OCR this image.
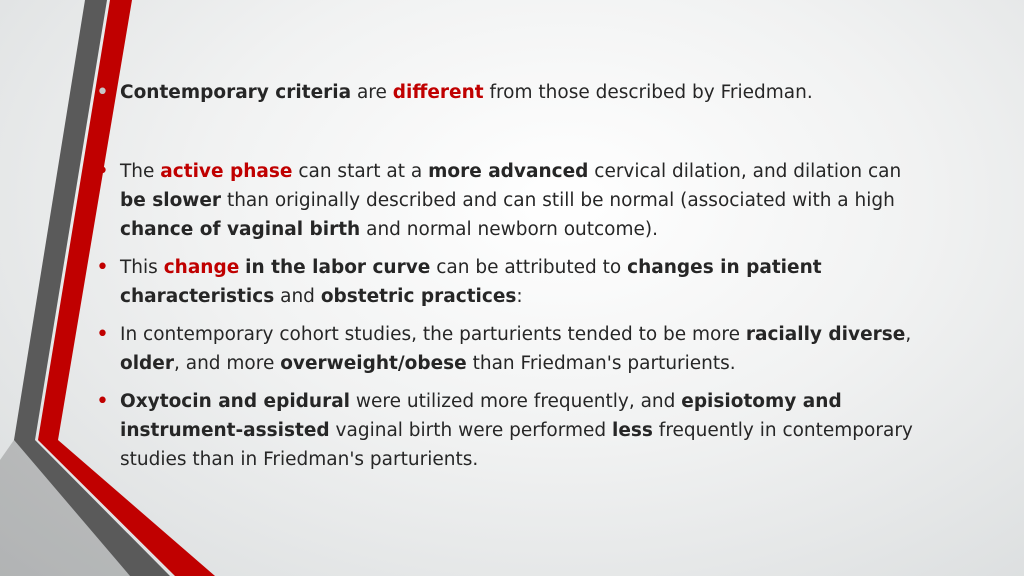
• Contemporary criteria are different from those described by Friedman.
• The active phase can start at a more advanced cervical dilation, and dilation can be slower than originally described and can still be normal (associated with a high chance of vaginal birth and normal newborn outcome).
• This change in the labor curve can be attributed to changes in patient characteristics and obstetric practices:
• In contemporary cohort studies, the parturients tended to be more racially diverse, older, and more overweight/obese than Friedman's parturients.
• Oxytocin and epidural were utilized more frequently, and episiotomy and instrument-assisted vaginal birth were performed less frequently in contemporary studies than in Friedman's parturients.
